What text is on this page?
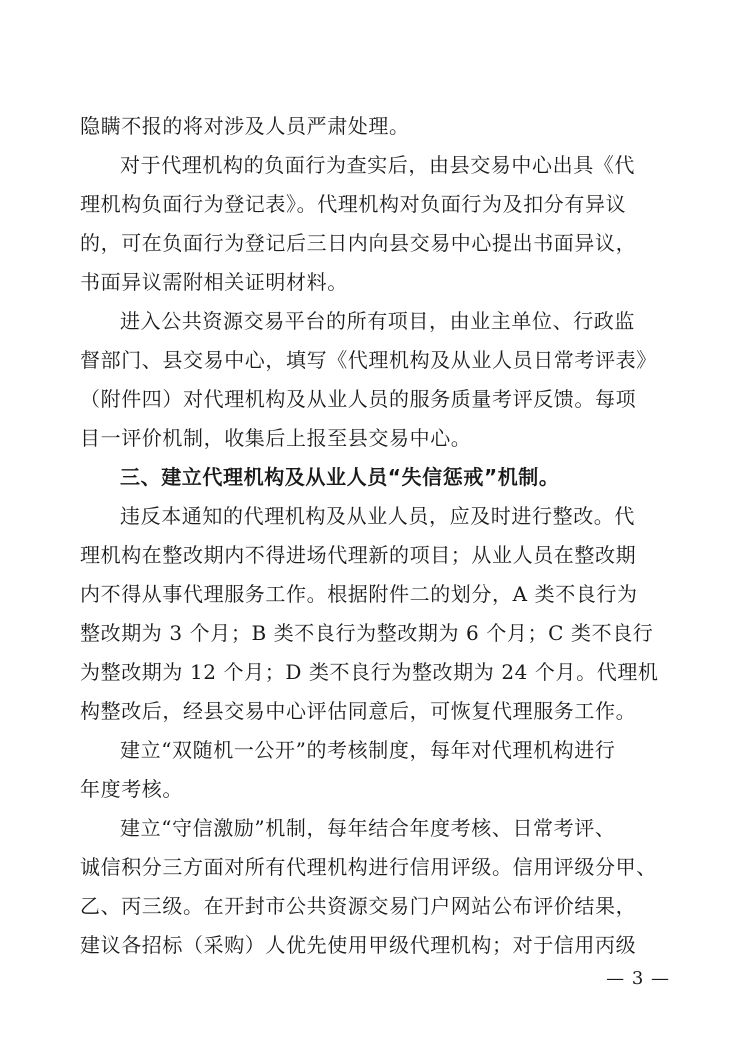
隐瞒不报的将对涉及人员严肃处理。
对于代理机构的负面行为查实后，由县交易中心出具《代
理机构负面行为登记表》。代理机构对负面行为及扣分有异议
的，可在负面行为登记后三日内向县交易中心提出书面异议，
书面异议需附相关证明材料。
进入公共资源交易平台的所有项目，由业主单位、行政监
督部门、县交易中心，填写《代理机构及从业人员日常考评表》
（附件四）对代理机构及从业人员的服务质量考评反馈。每项
目一评价机制，收集后上报至县交易中心。
三、建立代理机构及从业人员“失信惩戒”机制。
违反本通知的代理机构及从业人员，应及时进行整改。代
理机构在整改期内不得进场代理新的项目；从业人员在整改期
内不得从事代理服务工作。根据附件二的划分，A 类不良行为
整改期为 3 个月；B 类不良行为整改期为 6 个月；C 类不良行
为整改期为 12 个月；D 类不良行为整改期为 24 个月。代理机
构整改后，经县交易中心评估同意后，可恢复代理服务工作。
建立“双随机一公开”的考核制度，每年对代理机构进行
年度考核。
建立“守信激励”机制，每年结合年度考核、日常考评、
诚信积分三方面对所有代理机构进行信用评级。信用评级分甲、
乙、丙三级。在开封市公共资源交易门户网站公布评价结果，
建议各招标（采购）人优先使用甲级代理机构；对于信用丙级
— 3 —
